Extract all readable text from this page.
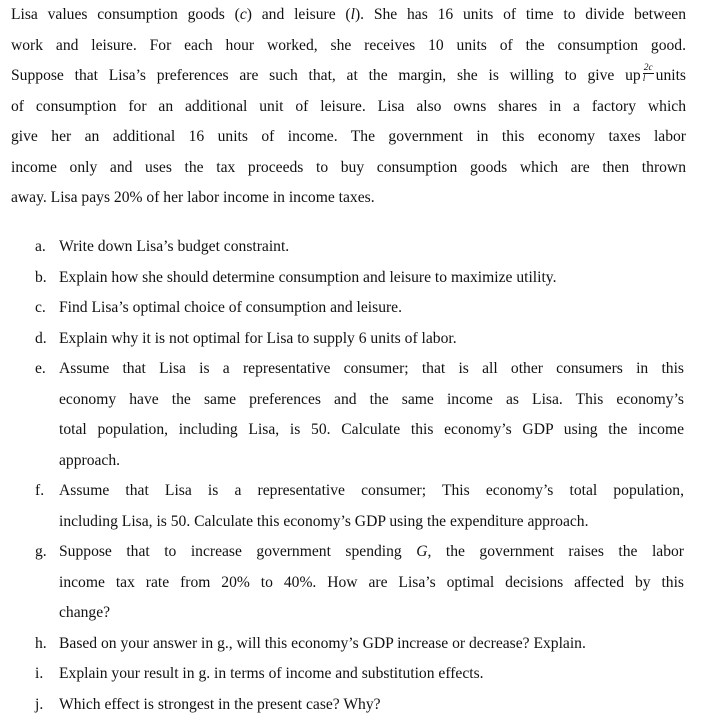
Lisa values consumption goods (c) and leisure (l). She has 16 units of time to divide between
work and leisure. For each hour worked, she receives 10 units of the consumption good.
Suppose that Lisa’s preferences are such that, at the margin, she is willing to give up $\frac{2c}{l}$ units
of consumption for an additional unit of leisure. Lisa also owns shares in a factory which
give her an additional 16 units of income. The government in this economy taxes labor
income only and uses the tax proceeds to buy consumption goods which are then thrown
away. Lisa pays 20% of her labor income in income taxes.
a. Write down Lisa’s budget constraint.
b. Explain how she should determine consumption and leisure to maximize utility.
c. Find Lisa’s optimal choice of consumption and leisure.
d. Explain why it is not optimal for Lisa to supply 6 units of labor.
e. Assume that Lisa is a representative consumer; that is all other consumers in this
economy have the same preferences and the same income as Lisa. This economy’s
total population, including Lisa, is 50. Calculate this economy’s GDP using the income
approach.
f. Assume that Lisa is a representative consumer; This economy’s total population,
including Lisa, is 50. Calculate this economy’s GDP using the expenditure approach.
g. Suppose that to increase government spending G, the government raises the labor
income tax rate from 20% to 40%. How are Lisa’s optimal decisions affected by this
change?
h. Based on your answer in g., will this economy’s GDP increase or decrease? Explain.
i.	Explain your result in g. in terms of income and substitution effects.
j.	Which effect is strongest in the present case? Why?
